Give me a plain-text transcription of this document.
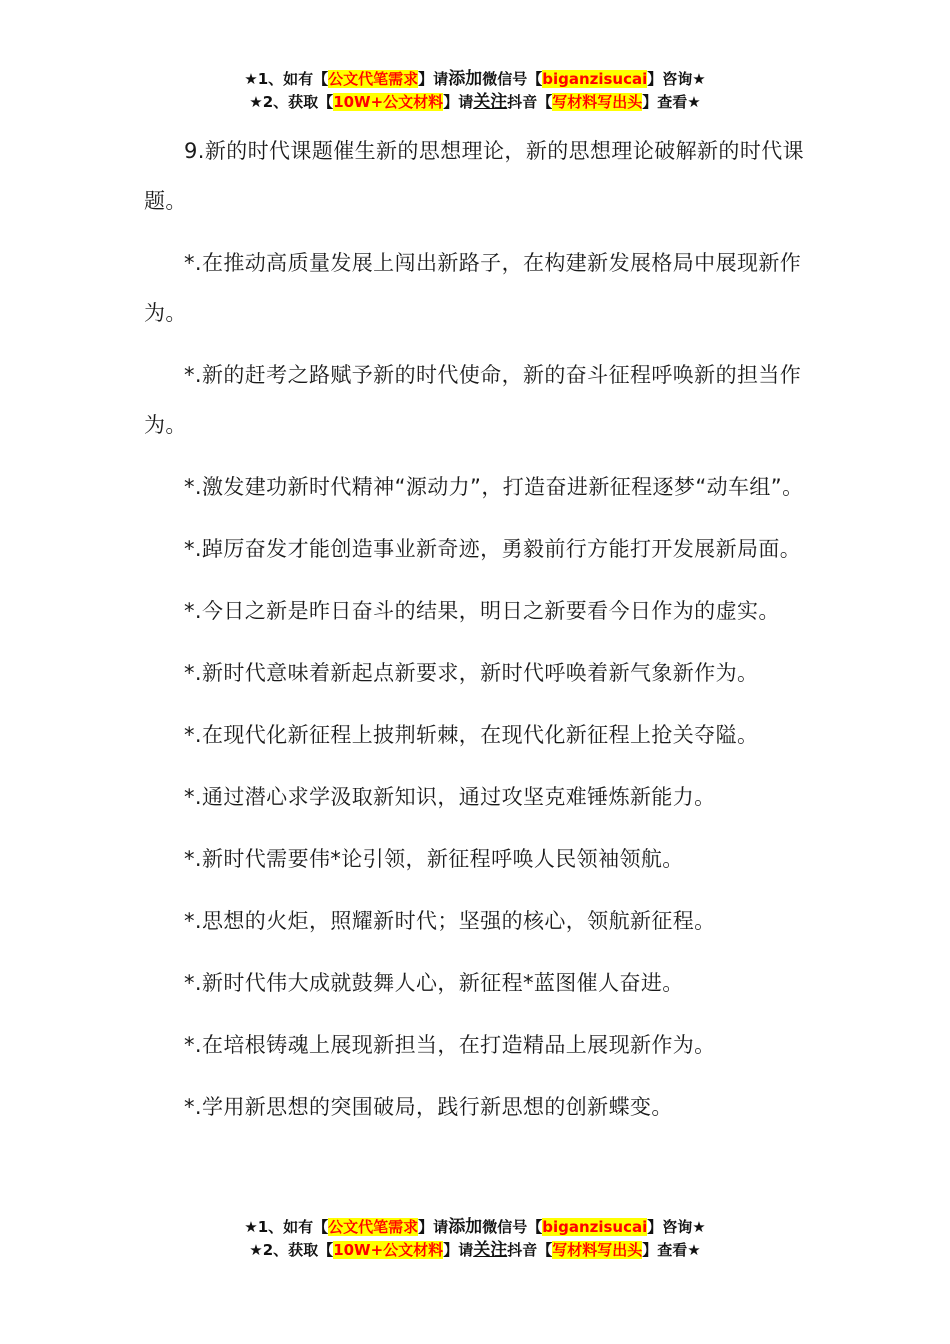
★1、如有【公文代笔需求】请添加微信号【biganzisucai】咨询★
★2、获取【10W+公文材料】请关注抖音【写材料写出头】查看★

9.新的时代课题催生新的思想理论，新的思想理论破解新的时代课题。

*.在推动高质量发展上闯出新路子，在构建新发展格局中展现新作为。

*.新的赶考之路赋予新的时代使命，新的奋斗征程呼唤新的担当作为。

*.激发建功新时代精神“源动力”，打造奋进新征程逐梦“动车组”。

*.踔厉奋发才能创造事业新奇迹，勇毅前行方能打开发展新局面。

*.今日之新是昨日奋斗的结果，明日之新要看今日作为的虚实。

*.新时代意味着新起点新要求，新时代呼唤着新气象新作为。

*.在现代化新征程上披荆斩棘，在现代化新征程上抢关夺隘。

*.通过潜心求学汲取新知识，通过攻坚克难锤炼新能力。

*.新时代需要伟*论引领，新征程呼唤人民领袖领航。

*.思想的火炬，照耀新时代；坚强的核心，领航新征程。

*.新时代伟大成就鼓舞人心，新征程*蓝图催人奋进。

*.在培根铸魂上展现新担当，在打造精品上展现新作为。

*.学用新思想的突围破局，践行新思想的创新蝶变。

★1、如有【公文代笔需求】请添加微信号【biganzisucai】咨询★
★2、获取【10W+公文材料】请关注抖音【写材料写出头】查看★
